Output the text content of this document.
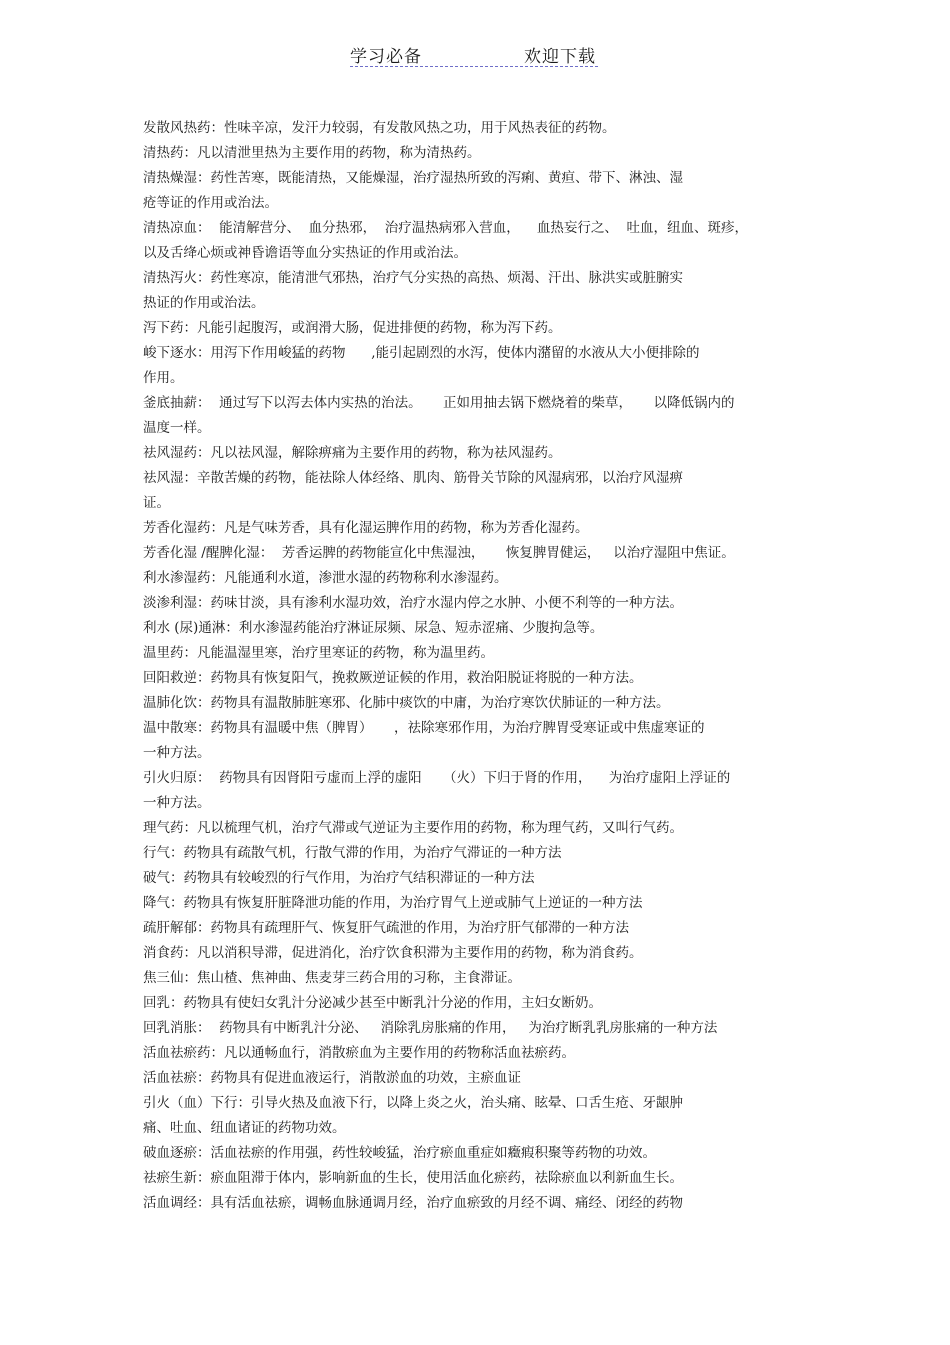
学习必备	欢迎下载
发散风热药：性味辛凉，发汗力较弱，有发散风热之功，用于风热表征的药物。
清热药：凡以清泄里热为主要作用的药物，称为清热药。
清热燥湿：药性苦寒，既能清热，又能燥湿，治疗湿热所致的泻痢、黄疸、带下、淋浊、湿
疮等证的作用或治法。
清热凉血：  能清解营分、  血分热邪，  治疗温热病邪入营血，    血热妄行之、  吐血，纽血、斑疹，
以及舌绛心烦或神昏谵语等血分实热证的作用或治法。
清热泻火：药性寒凉，能清泄气邪热，治疗气分实热的高热、烦渴、汗出、脉洪实或脏腑实
热证的作用或治法。
泻下药：凡能引起腹泻，或润滑大肠，促进排便的药物，称为泻下药。
峻下逐水：用泻下作用峻猛的药物      ,能引起剧烈的水泻，使体内潴留的水液从大小便排除的
作用。
釜底抽薪：  通过写下以泻去体内实热的治法。     正如用抽去锅下燃烧着的柴草，     以降低锅内的
温度一样。
祛风湿药：凡以祛风湿，解除痹痛为主要作用的药物，称为祛风湿药。
祛风湿：辛散苦燥的药物，能祛除人体经络、肌肉、筋骨关节除的风湿病邪，以治疗风湿痹
证。
芳香化湿药：凡是气味芳香，具有化湿运脾作用的药物，称为芳香化湿药。
芳香化湿 /醒脾化湿：  芳香运脾的药物能宣化中焦湿浊，     恢复脾胃健运，   以治疗湿阻中焦证。
利水渗湿药：凡能通利水道，渗泄水湿的药物称利水渗湿药。
淡渗利湿：药味甘淡，具有渗利水湿功效，治疗水湿内停之水肿、小便不利等的一种方法。
利水 (尿)通淋：利水渗湿药能治疗淋证尿频、尿急、短赤涩痛、少腹拘急等。
温里药：凡能温湿里寒，治疗里寒证的药物，称为温里药。
回阳救逆：药物具有恢复阳气，挽救厥逆证候的作用，救治阳脱证将脱的一种方法。
温肺化饮：药物具有温散肺脏寒邪、化肺中痰饮的中庸，为治疗寒饮伏肺证的一种方法。
温中散寒：药物具有温暖中焦（脾胃）     ，祛除寒邪作用，为治疗脾胃受寒证或中焦虚寒证的
一种方法。
引火归原：  药物具有因肾阳亏虚而上浮的虚阳     （火）下归于肾的作用，    为治疗虚阳上浮证的
一种方法。
理气药：凡以梳理气机，治疗气滞或气逆证为主要作用的药物，称为理气药，又叫行气药。
行气：药物具有疏散气机，行散气滞的作用，为治疗气滞证的一种方法
破气：药物具有较峻烈的行气作用，为治疗气结积滞证的一种方法
降气：药物具有恢复肝脏降泄功能的作用，为治疗胃气上逆或肺气上逆证的一种方法
疏肝解郁：药物具有疏理肝气、恢复肝气疏泄的作用，为治疗肝气郁滞的一种方法
消食药：凡以消积导滞，促进消化，治疗饮食积滞为主要作用的药物，称为消食药。
焦三仙：焦山楂、焦神曲、焦麦芽三药合用的习称，主食滞证。
回乳：药物具有使妇女乳汁分泌减少甚至中断乳汁分泌的作用，主妇女断奶。
回乳消胀：  药物具有中断乳汁分泌、   消除乳房胀痛的作用，   为治疗断乳乳房胀痛的一种方法
活血祛瘀药：凡以通畅血行，消散瘀血为主要作用的药物称活血祛瘀药。
活血祛瘀：药物具有促进血液运行，消散淤血的功效，主瘀血证
引火（血）下行：引导火热及血液下行，以降上炎之火，治头痛、眩晕、口舌生疮、牙龈肿
痛、吐血、纽血诸证的药物功效。
破血逐瘀：活血祛瘀的作用强，药性较峻猛，治疗瘀血重症如癥瘕积聚等药物的功效。
祛瘀生新：瘀血阻滞于体内，影响新血的生长，使用活血化瘀药，祛除瘀血以利新血生长。
活血调经：具有活血祛瘀，调畅血脉通调月经，治疗血瘀致的月经不调、痛经、闭经的药物
